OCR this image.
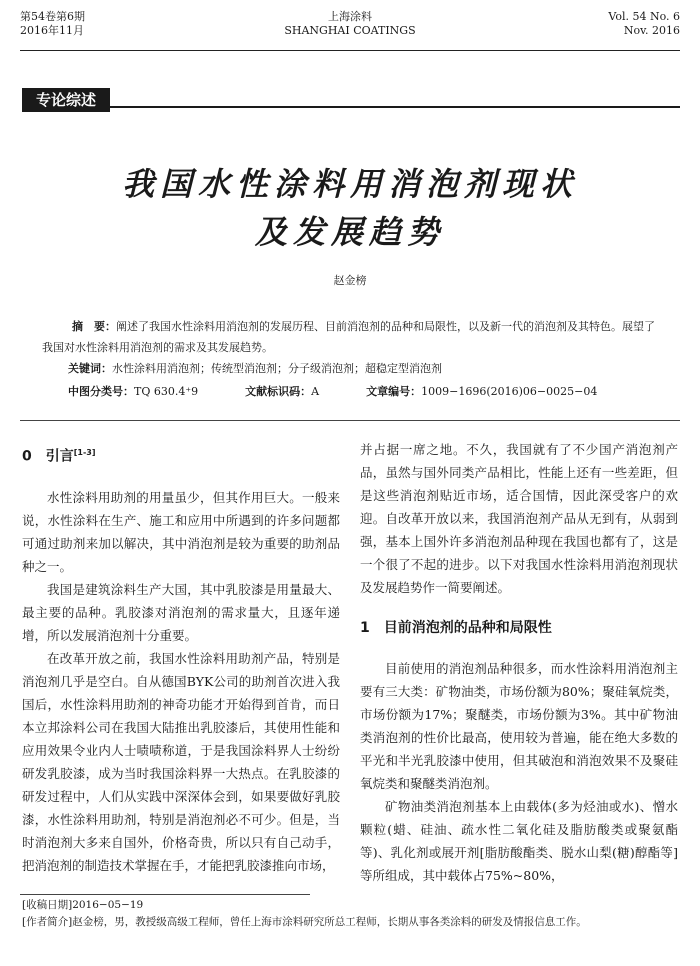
第54卷第6期
2016年11月
上海涂料
SHANGHAI COATINGS
Vol. 54 No. 6
Nov. 2016
专论综述
我国水性涂料用消泡剂现状
及发展趋势
赵金榜

摘　要：阐述了我国水性涂料用消泡剂的发展历程、目前消泡剂的品种和局限性，以及新一代的消泡剂及其特色。展望了我国对水性涂料用消泡剂的需求及其发展趋势。

关键词：水性涂料用消泡剂；传统型消泡剂；分子级消泡剂；超稳定型消泡剂

中图分类号：TQ 630.4⁺9	文献标识码：A	文章编号：1009−1696(2016)06−0025−04
0　引言[1-3]

水性涂料用助剂的用量虽少，但其作用巨大。一般来说，水性涂料在生产、施工和应用中所遇到的许多问题都可通过助剂来加以解决，其中消泡剂是较为重要的助剂品种之一。

我国是建筑涂料生产大国，其中乳胶漆是用量最大、最主要的品种。乳胶漆对消泡剂的需求量大，且逐年递增，所以发展消泡剂十分重要。

在改革开放之前，我国水性涂料用助剂产品，特别是消泡剂几乎是空白。自从德国BYK公司的助剂首次进入我国后，水性涂料用助剂的神奇功能才开始得到首肯，而日本立邦涂料公司在我国大陆推出乳胶漆后，其使用性能和应用效果令业内人士啧啧称道，于是我国涂料界人士纷纷研发乳胶漆，成为当时我国涂料界一大热点。在乳胶漆的研发过程中，人们从实践中深深体会到，如果要做好乳胶漆，水性涂料用助剂，特别是消泡剂必不可少。但是，当时消泡剂大多来自国外，价格奇贵，所以只有自己动手，把消泡剂的制造技术掌握在手，才能把乳胶漆推向市场，

并占据一席之地。不久，我国就有了不少国产消泡剂产品，虽然与国外同类产品相比，性能上还有一些差距，但是这些消泡剂贴近市场，适合国情，因此深受客户的欢迎。自改革开放以来，我国消泡剂产品从无到有，从弱到强，基本上国外许多消泡剂品种现在我国也都有了，这是一个很了不起的进步。以下对我国水性涂料用消泡剂现状及发展趋势作一简要阐述。

1　目前消泡剂的品种和局限性

目前使用的消泡剂品种很多，而水性涂料用消泡剂主要有三大类：矿物油类，市场份额为80%；聚硅氧烷类，市场份额为17%；聚醚类，市场份额为3%。其中矿物油类消泡剂的性价比最高，使用较为普遍，能在绝大多数的平光和半光乳胶漆中使用，但其破泡和消泡效果不及聚硅氧烷类和聚醚类消泡剂。

矿物油类消泡剂基本上由载体(多为烃油或水)、憎水颗粒(蜡、硅油、疏水性二氧化硅及脂肪酸类或聚氨酯等)、乳化剂或展开剂[脂肪酸酯类、脱水山梨(糖)醇酯等]等所组成，其中载体占75%~80%，

[收稿日期]2016−05−19

[作者简介]赵金榜，男，教授级高级工程师，曾任上海市涂料研究所总工程师，长期从事各类涂料的研发及情报信息工作。
